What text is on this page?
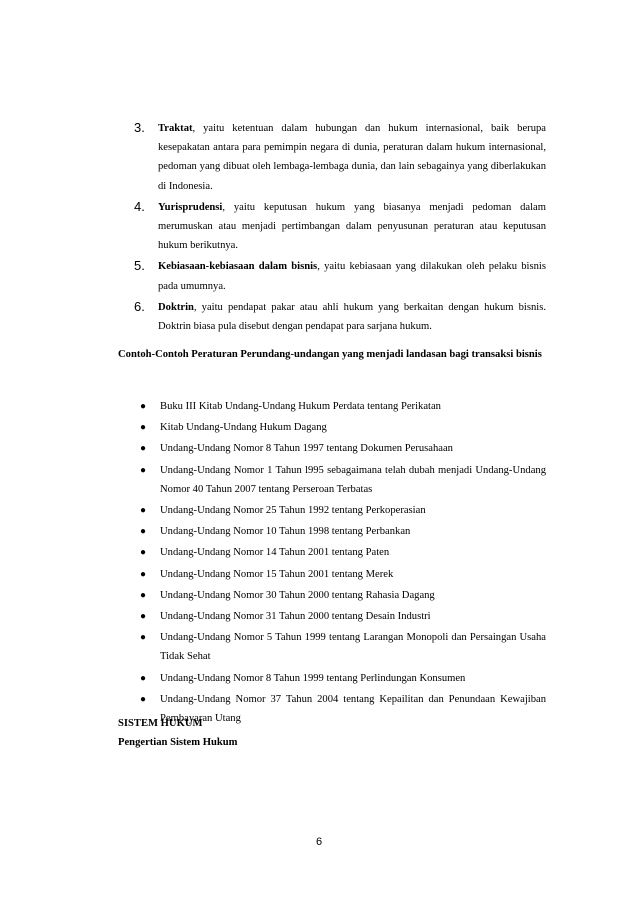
3. Traktat, yaitu ketentuan dalam hubungan dan hukum internasional, baik berupa kesepakatan antara para pemimpin negara di dunia, peraturan dalam hukum internasional, pedoman yang dibuat oleh lembaga-lembaga dunia, dan lain sebagainya yang diberlakukan di Indonesia.
4. Yurisprudensi, yaitu keputusan hukum yang biasanya menjadi pedoman dalam merumuskan atau menjadi pertimbangan dalam penyusunan peraturan atau keputusan hukum berikutnya.
5. Kebiasaan-kebiasaan dalam bisnis, yaitu kebiasaan yang dilakukan oleh pelaku bisnis pada umumnya.
6. Doktrin, yaitu pendapat pakar atau ahli hukum yang berkaitan dengan hukum bisnis. Doktrin biasa pula disebut dengan pendapat para sarjana hukum.
Contoh-Contoh Peraturan Perundang-undangan yang menjadi landasan bagi transaksi bisnis
● Buku III Kitab Undang-Undang Hukum Perdata tentang Perikatan
● Kitab Undang-Undang Hukum Dagang
● Undang-Undang Nomor 8 Tahun 1997 tentang Dokumen Perusahaan
● Undang-Undang Nomor 1 Tahun l995 sebagaimana telah dubah menjadi Undang-Undang Nomor 40 Tahun 2007 tentang Perseroan Terbatas
● Undang-Undang Nomor 25 Tahun 1992 tentang Perkoperasian
● Undang-Undang Nomor 10 Tahun 1998 tentang Perbankan
● Undang-Undang Nomor 14 Tahun 2001 tentang Paten
● Undang-Undang Nomor 15 Tahun 2001 tentang Merek
● Undang-Undang Nomor 30 Tahun 2000 tentang Rahasia Dagang
● Undang-Undang Nomor 31 Tahun 2000 tentang Desain Industri
● Undang-Undang Nomor 5 Tahun 1999 tentang Larangan Monopoli dan Persaingan Usaha Tidak Sehat
● Undang-Undang Nomor 8 Tahun 1999 tentang Perlindungan Konsumen
● Undang-Undang Nomor 37 Tahun 2004 tentang Kepailitan dan Penundaan Kewajiban Pembayaran Utang
SISTEM HUKUM
Pengertian Sistem Hukum
6
